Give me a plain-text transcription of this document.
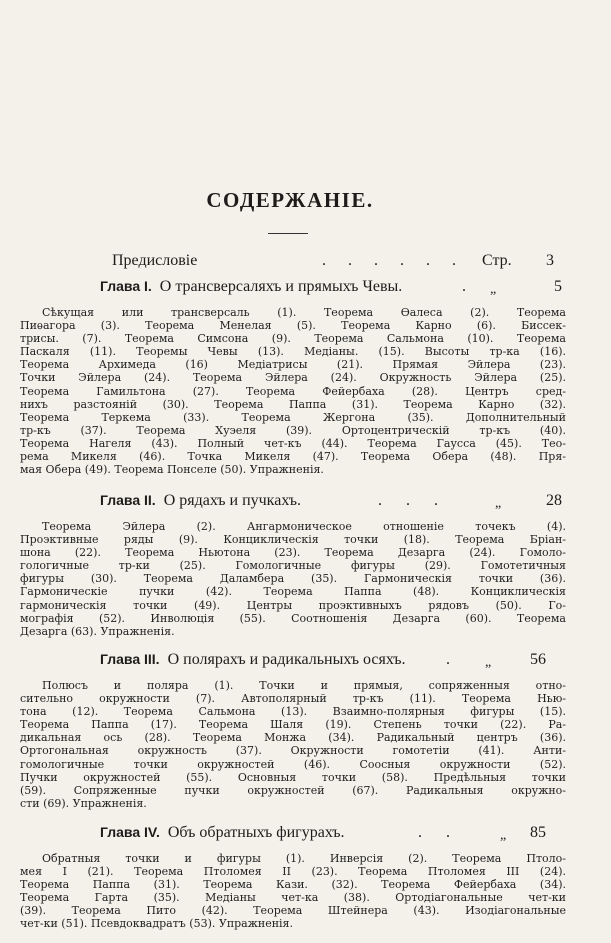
СОДЕРЖАНІЕ.
Предисловіе	. . . . . . Стр. 3
Глава I. О трансверсаляхъ и прямыхъ Чевы.	. „	5
Сѣкущая или трансверсаль (1). Теорема Ѳалеса (2). Теорема
Пиѳагора (3). Теорема Менелая (5). Теорема Карно (6). Биссек-
трисы. (7). Теорема Симсона (9). Теорема Сальмона (10). Теорема
Паскаля (11). Теоремы Чевы (13). Медіаны. (15). Высоты тр-ка (16).
Теорема Архимеда (16) Медіатрисы (21). Прямая Эйлера (23).
Точки Эйлера (24). Теорема Эйлера (24). Окружность Эйлера (25).
Теорема Гамильтона (27). Теорема Фейербаха (28). Центръ сред-
нихъ разстояній (30). Теорема Паппа (31). Теорема Карно (32).
Теорема Теркема (33). Теорема Жергона (35). Дополнительный
тр-къ (37). Теорема Хуэеля (39). Ортоцентрическій тр-къ (40).
Теорема Нагеля (43). Полный чет-къ (44). Теорема Гаусса (45). Тео-
рема Микеля (46). Точка Микеля (47). Теорема Обера (48). Пря-
мая Обера (49). Теорема Понселе (50). Упражненія.
Глава II. О рядахъ и пучкахъ.	. . .	„	28
Теорема Эйлера (2). Ангармоническое отношеніе точекъ (4).
Проэктивные ряды (9). Конциклическія точки (18). Теорема Бріан-
шона (22). Теорема Ньютона (23). Теорема Дезарга (24). Гомоло-
гологичные тр-ки (25). Гомологичные фигуры (29). Гомотетичныя
фигуры (30). Теорема Даламбера (35). Гармоническія точки (36).
Гармоническіе пучки (42). Теорема Паппа (48). Конциклическія
гармоническія точки (49). Центры проэктивныхъ рядовъ (50). Го-
мографія (52). Инволюція (55). Соотношенія Дезарга (60). Теорема
Дезарга (63). Упражненія.
Глава III. О полярахъ и радикальныхъ осяхъ.	. „ 56
Полюсъ и поляра (1). Точки и прямыя, сопряженныя отно-
сительно окружности (7). Автополярный тр-къ (11). Теорема Нью-
тона (12). Теорема Сальмона (13). Взаимно-полярныя фигуры (15).
Теорема Паппа (17). Теорема Шаля (19). Степень точки (22). Ра-
дикальная ось (28). Теорема Монжа (34). Радикальный центръ (36).
Ортогональная окружность (37). Окружности гомотетіи (41). Анти-
гомологичные точки окружностей (46). Соосныя окружности (52).
Пучки окружностей (55). Основныя точки (58). Предѣльныя точки
(59). Сопряженные пучки окружностей (67). Радикальныя окружно-
сти (69). Упражненія.
Глава IV. Объ обратныхъ фигурахъ.	. .	„ 85
Обратныя точки и фигуры (1). Инверсія (2). Теорема Птоло-
мея I (21). Теорема Птоломея II (23). Теорема Птоломея III (24).
Теорема Паппа (31). Теорема Кази. (32). Теорема Фейербаха (34).
Теорема Гарта (35). Медіаны чет-ка (38). Ортодіагональные чет-ки
(39). Теорема Пито (42). Теорема Штейнера (43). Изодіагональные
чет-ки (51). Псевдоквадратъ (53). Упражненія.
